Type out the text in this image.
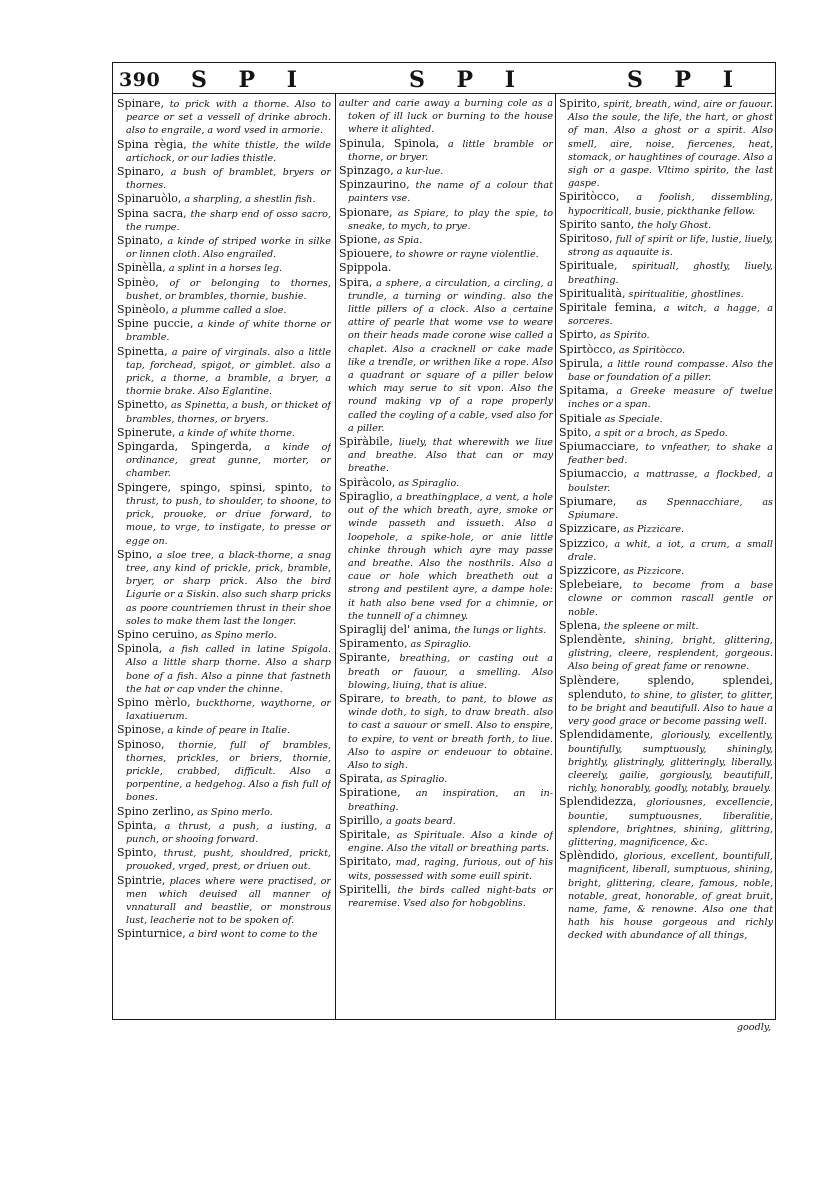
390 S P I	S P I	S P I

Spinare, to prick with a thorne. Also to pearce or set a vessell of drinke abroch. also to engraile, a word vsed in armorie.

Spina règia, the white thistle, the wilde artichock, or our ladies thistle.

Spinaro, a bush of bramblet, bryers or thornes.

Spinaruòlo, a sharpling, a shestlin fish.

Spina sacra, the sharp end of osso sacro, the rumpe.

Spinato, a kinde of striped worke in silke or linnen cloth. Also engrailed.

Spinèlla, a splint in a horses leg.

Spinèo, of or belonging to thornes, bushet, or brambles, thornie, bushie.

Spinèolo, a plumme called a sloe.

Spine puccie, a kinde of white thorne or bramble.

Spinetta, a paire of virginals. also a little tap, forchead, spigot, or gimblet. also a prick, a thorne, a bramble, a bryer, a thornie brake. Also Eglantine.

Spinetto, as Spinetta, a bush, or thicket of brambles, thornes, or bryers.

Spinerute, a kinde of white thorne.

Spingarda, Spingerda, a kinde of ordinance, great gunne, morter, or chamber.

Spingere, spingo, spinsi, spinto, to thrust, to push, to shoulder, to shoone, to prick, prouoke, or driue forward, to moue, to vrge, to instigate, to presse or egge on.

Spino, a sloe tree, a black-thorne, a snag tree, any kind of prickle, prick, bramble, bryer, or sharp prick. Also the bird Ligurie or a Siskin. also such sharp pricks as poore countriemen thrust in their shoe soles to make them last the longer.

Spino ceruino, as Spino merlo.

Spinola, a fish called in latine Spigola. Also a little sharp thorne. Also a sharp bone of a fish. Also a pinne that fastneth the hat or cap vnder the chinne.

Spino mèrlo, buckthorne, waythorne, or laxatiuerum.

Spinose, a kinde of peare in Italie.

Spinoso, thornie, full of brambles, thornes, prickles, or briers, thornie, prickle, crabbed, difficult. Also a porpentine, a hedgehog. Also a fish full of bones.

Spino zerlino, as Spino merlo.

Spinta, a thrust, a push, a iusting, a punch, or shooing forward.

Spinto, thrust, pusht, shouldred, prickt, prouoked, vrged, prest, or driuen out.

Spintrie, places where were practised, or men which deuised all manner of vnnaturall and beastlie, or monstrous lust, leacherie not to be spoken of.

Spinturnice, a bird wont to come to the

aulter and carie away a burning cole as a token of ill luck or burning to the house where it alighted.

Spinula, Spinola, a little bramble or thorne, or bryer.

Spinzago, a kur-lue.

Spinzaurino, the name of a colour that painters vse.

Spionare, as Spiare, to play the spie, to sneake, to mych, to prye.

Spione, as Spia.

Spiouere, to showre or rayne violentlie.

Spippola.

Spira, a sphere, a circulation, a circling, a trundle, a turning or winding. also the little pillers of a clock. Also a certaine attire of pearle that wome vse to weare on their heads made corone wise called a chaplet. Also a cracknell or cake made like a trendle, or writhen like a rope. Also a quadrant or square of a piller below which may serue to sit vpon. Also the round making vp of a rope properly called the coyling of a cable, vsed also for a piller.

Spiràbile, liuely, that wherewith we liue and breathe. Also that can or may breathe.

Spiràcolo, as Spiraglio.

Spiraglio, a breathingplace, a vent, a hole out of the which breath, ayre, smoke or winde passeth and issueth. Also a loopehole, a spike-hole, or anie little chinke through which ayre may passe and breathe. Also the nosthrils. Also a caue or hole which breatheth out a strong and pestilent ayre, a dampe hole: it hath also bene vsed for a chimnie, or the tunnell of a chimney.

Spiraglij del' anima, the lungs or lights.

Spiramento, as Spiraglio.

Spirante, breathing, or casting out a breath or fauour, a smelling. Also blowing, liuing, that is aliue.

Spirare, to breath, to pant, to blowe as winde doth, to sigh, to draw breath. also to cast a sauour or smell. Also to enspire, to expire, to vent or breath forth, to liue. Also to aspire or endeuour to obtaine. Also to sigh.

Spirata, as Spiraglio.

Spiratione, an inspiration, an in-breathing.

Spirillo, a goats beard.

Spiritale, as Spirituale. Also a kinde of engine. Also the vitall or breathing parts.

Spiritato, mad, raging, furious, out of his wits, possessed with some euill spirit.

Spiritelli, the birds called night-bats or rearemise. Vsed also for hobgoblins.

Spirito, spirit, breath, wind, aire or fauour. Also the soule, the life, the hart, or ghost of man. Also a ghost or a spirit. Also smell, aire, noise, fiercenes, heat, stomack, or haughtines of courage. Also a sigh or a gaspe. Vltimo spirito, the last gaspe.

Spiritòcco, a foolish, dissembling, hypocriticall, busie, pickthanke fellow.

Spirito santo, the holy Ghost.

Spiritoso, full of spirit or life, lustie, liuely, strong as aquauite is.

Spirituale, spirituall, ghostly, liuely, breathing.

Spiritualità, spiritualitie, ghostlines.

Spiritale femina, a witch, a hagge, a sorceres.

Spirto, as Spirito.

Spirtòcco, as Spiritòcco.

Spirula, a little round compasse. Also the base or foundation of a piller.

Spitama, a Greeke measure of twelue inches or a span.

Spitiale as Speciale.

Spito, a spit or a broch, as Spedo.

Spiumacciare, to vnfeather, to shake a feather bed.

Spiumaccio, a mattrasse, a flockbed, a boulster.

Spiumare, as Spennacchiare, as Spiumare.

Spizzicare, as Pizzicare.

Spizzico, a whit, a iot, a crum, a small drale.

Spizzicore, as Pizzicore.

Splebeiare, to become from a base clowne or common rascall gentle or noble.

Splena, the spleene or milt.

Splendènte, shining, bright, glittering, glistring, cleere, resplendent, gorgeous. Also being of great fame or renowne.

Splèndere, splendo, splendei, splenduto, to shine, to glister, to glitter, to be bright and beautifull. Also to haue a very good grace or become passing well.

Splendidamente, gloriously, excellently, bountifully, sumptuously, shiningly, brightly, glistringly, glitteringly, liberally, cleerely, gailie, gorgiously, beautifull, richly, honorably, goodly, notably, brauely.

Splendidezza, gloriousnes, excellencie, bountie, sumptuousnes, liberalitie, splendore, brightnes, shining, glittring, glittering, magnificence, &c.

Splèndido, glorious, excellent, bountifull, magnificent, liberall, sumptuous, shining, bright, glittering, cleare, famous, noble, notable, great, honorable, of great bruit, name, fame, & renowne. Also one that hath his house gorgeous and richly decked with abundance of all things,

goodly,
